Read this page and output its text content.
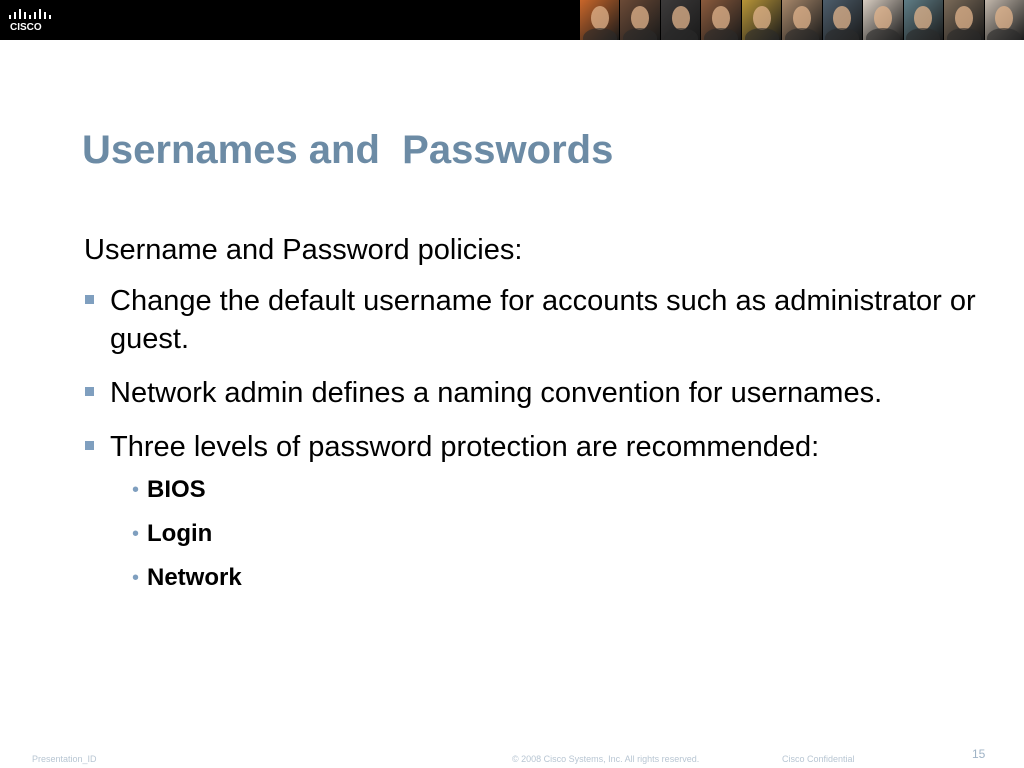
CISCO
Usernames and  Passwords
Username and Password policies:
Change the default username for accounts such as administrator or guest.
Network admin defines a naming convention for usernames.
Three levels of password protection are recommended:
• BIOS
• Login
• Network
Presentation_ID	© 2008 Cisco Systems, Inc. All rights reserved.	Cisco Confidential	15
